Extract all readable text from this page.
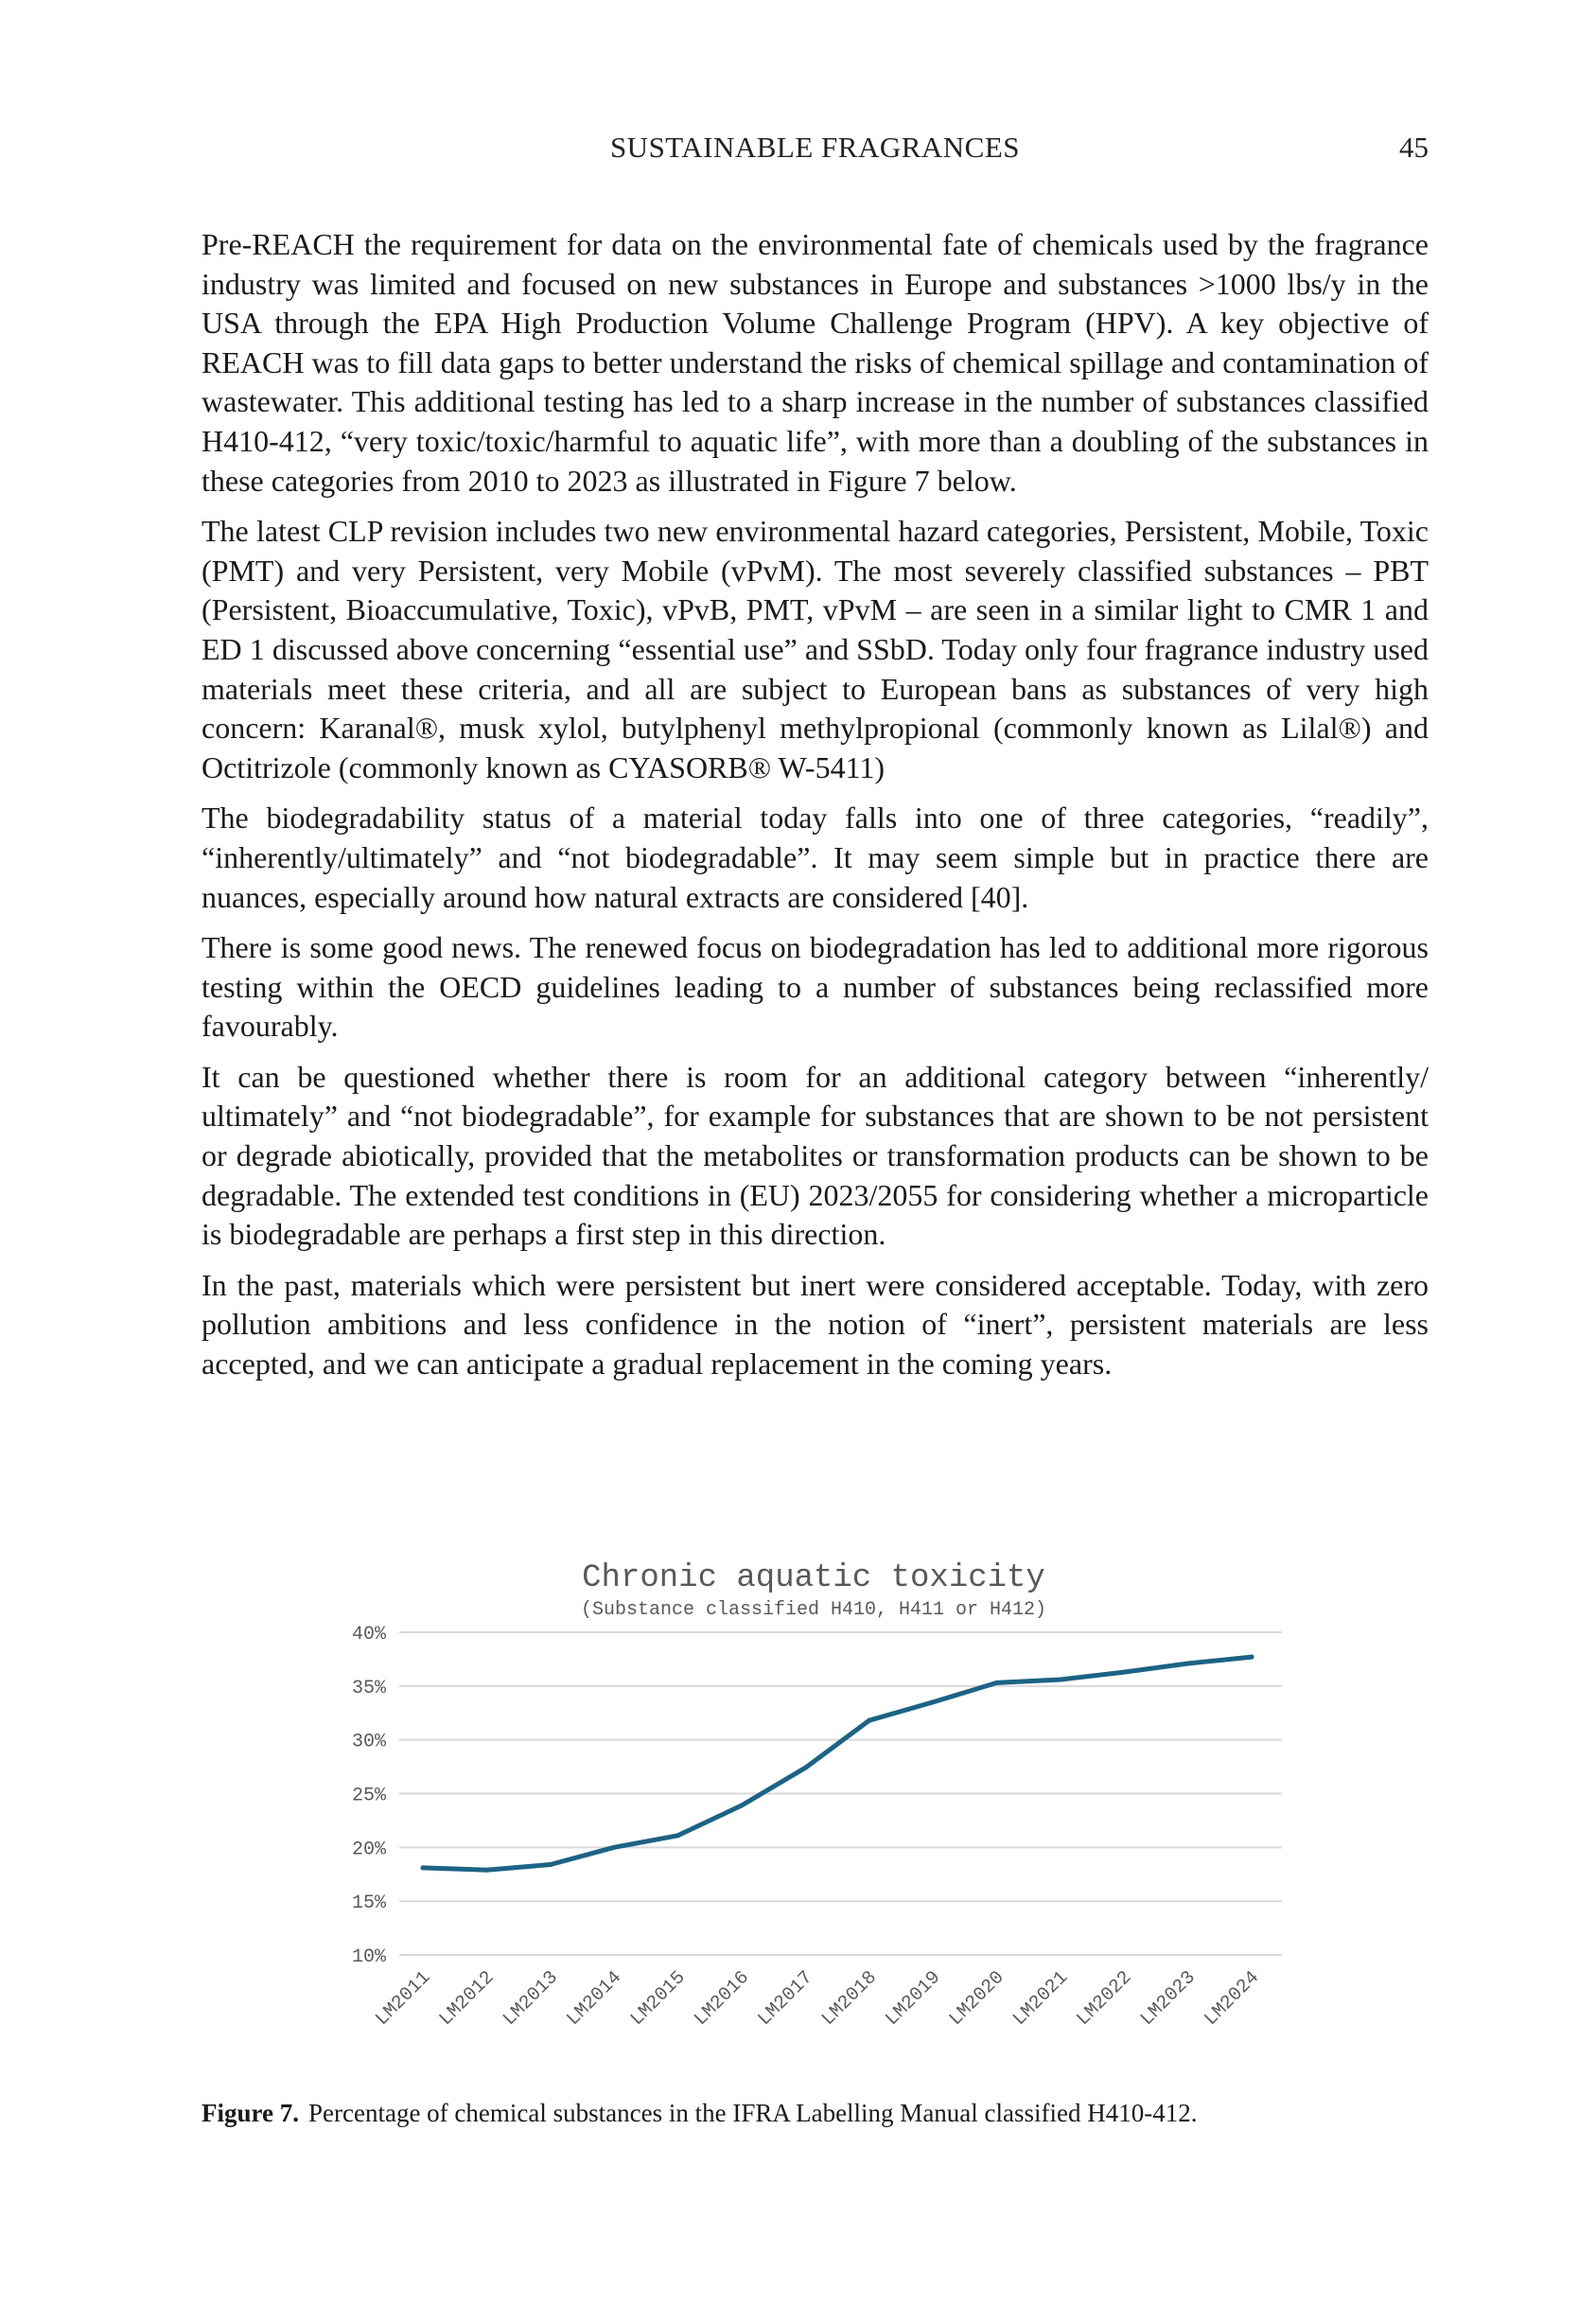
SUSTAINABLE FRAGRANCES	45

Pre-REACH the requirement for data on the environmental fate of chemicals used by the fragrance industry was limited and focused on new substances in Europe and substances >1000 lbs/y in the USA through the EPA High Production Volume Challenge Program (HPV). A key objective of REACH was to fill data gaps to better understand the risks of chemical spillage and contamination of wastewater. This additional testing has led to a sharp increase in the number of substances classified H410-412, “very toxic/toxic/harmful to aquatic life”, with more than a doubling of the substances in these categories from 2010 to 2023 as illustrated in Figure 7 below.

The latest CLP revision includes two new environmental hazard categories, Persistent, Mobile, Toxic (PMT) and very Persistent, very Mobile (vPvM). The most severely classified substances – PBT (Persistent, Bioaccumulative, Toxic), vPvB, PMT, vPvM – are seen in a similar light to CMR 1 and ED 1 discussed above concerning “essential use” and SSbD. Today only four fragrance industry used materials meet these criteria, and all are subject to European bans as substances of very high concern: Karanal®, musk xylol, butylphenyl methylpropional (commonly known as Lilal®) and Octitrizole (commonly known as CYASORB® W-5411)

The biodegradability status of a material today falls into one of three categories, “readily”, “inherently/ultimately” and “not biodegradable”. It may seem simple but in practice there are nuances, especially around how natural extracts are considered [40].

There is some good news. The renewed focus on biodegradation has led to additional more rigorous testing within the OECD guidelines leading to a number of substances being reclassified more favourably.

It can be questioned whether there is room for an additional category between “inherently/ ultimately” and “not biodegradable”, for example for substances that are shown to be not persistent or degrade abiotically, provided that the metabolites or transformation products can be shown to be degradable. The extended test conditions in (EU) 2023/2055 for considering whether a microparticle is biodegradable are perhaps a first step in this direction.

In the past, materials which were persistent but inert were considered acceptable. Today, with zero pollution ambitions and less confidence in the notion of “inert”, persistent materials are less accepted, and we can anticipate a gradual replacement in the coming years.

Chronic aquatic toxicity
(Substance classified H410, H411 or H412)
10%
15%
20%
25%
30%
35%
40%
LM2011 LM2012 LM2013 LM2014 LM2015 LM2016 LM2017 LM2018 LM2019 LM2020 LM2021 LM2022 LM2023 LM2024
Figure 7. Percentage of chemical substances in the IFRA Labelling Manual classified H410-412.
